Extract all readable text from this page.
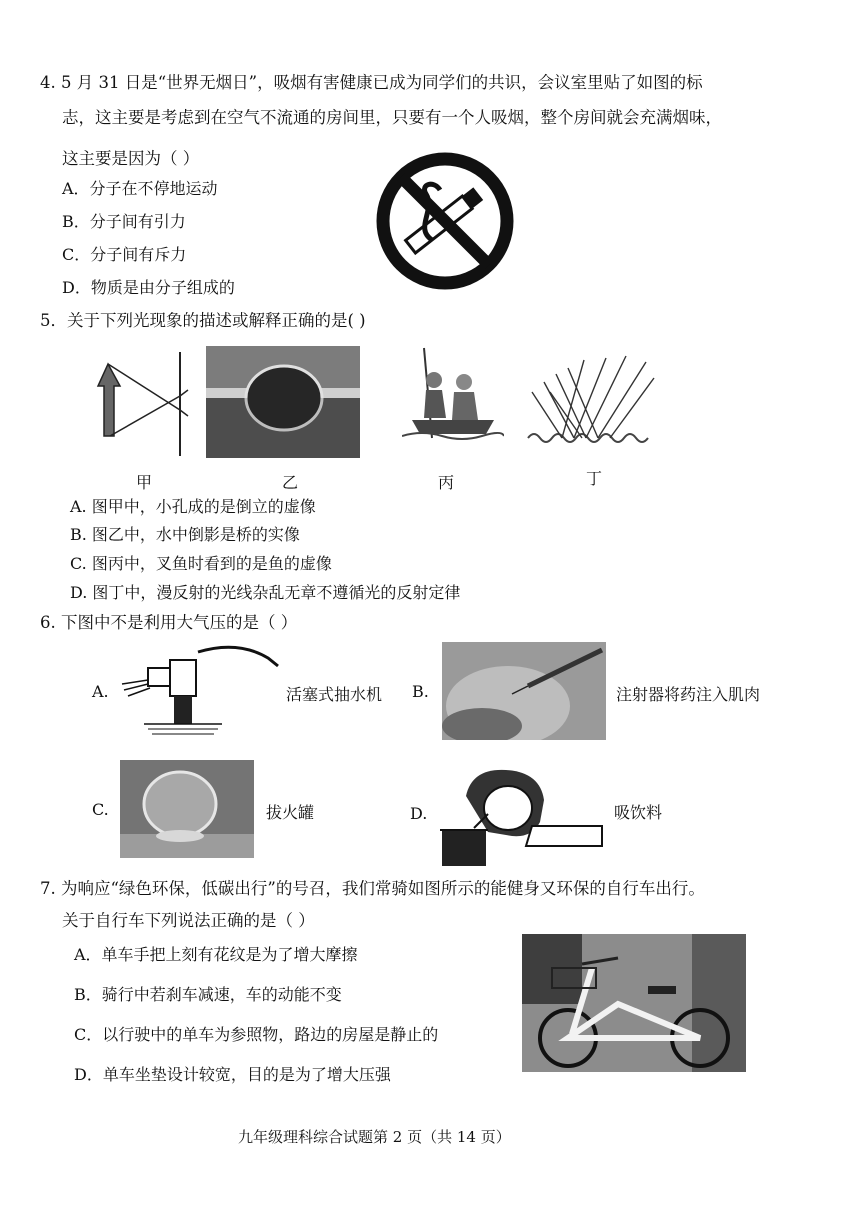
4. 5 月 31 日是“世界无烟日”，吸烟有害健康已成为同学们的共识，会议室里贴了如图的标
志，这主要是考虑到在空气不流通的房间里，只要有一个人吸烟，整个房间就会充满烟味，
这主要是因为（ ）
A．分子在不停地运动
B．分子间有引力
C．分子间有斥力
D．物质是由分子组成的
5．关于下列光现象的描述或解释正确的是( )
甲	乙	丙	丁
A. 图甲中，小孔成的是倒立的虚像
B. 图乙中，水中倒影是桥的实像
C. 图丙中，叉鱼时看到的是鱼的虚像
D. 图丁中，漫反射的光线杂乱无章不遵循光的反射定律
6. 下图中不是利用大气压的是（ ）
A.	活塞式抽水机 B.	注射器将药注入肌肉
C.	拔火罐	D.	吸饮料
7. 为响应“绿色环保，低碳出行”的号召，我们常骑如图所示的能健身又环保的自行车出行。
关于自行车下列说法正确的是（ ）
A．单车手把上刻有花纹是为了增大摩擦
B．骑行中若刹车减速，车的动能不变
C．以行驶中的单车为参照物，路边的房屋是静止的
D．单车坐垫设计较宽，目的是为了增大压强
九年级理科综合试题第 2 页（共 14 页）
